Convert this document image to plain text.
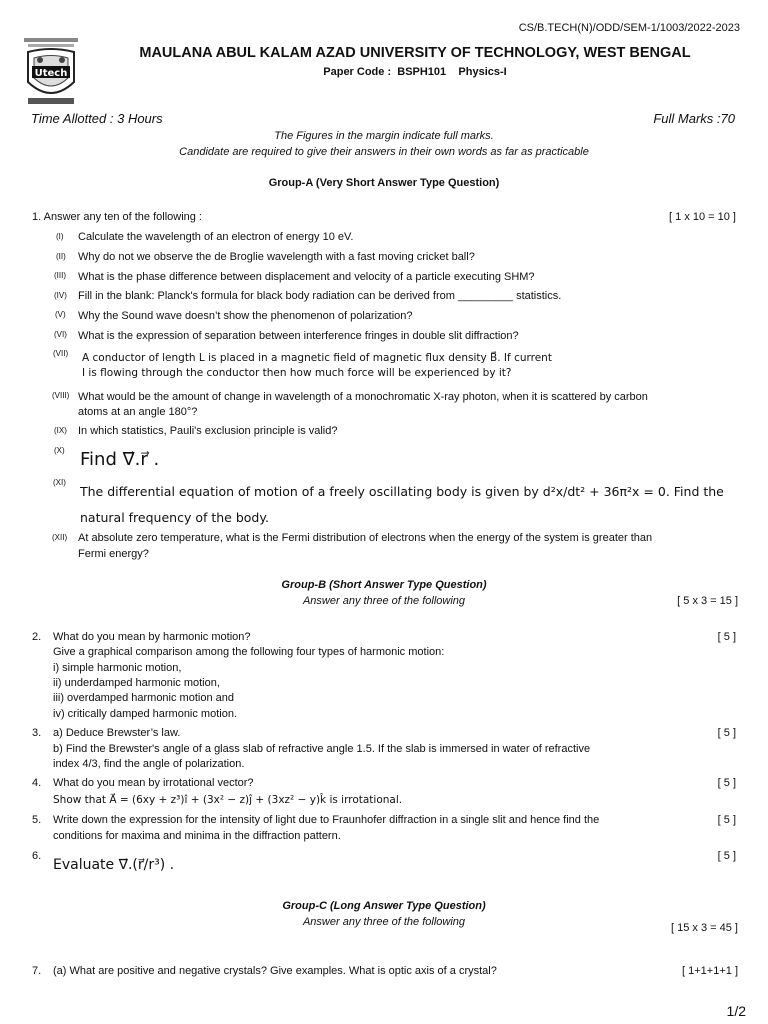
CS/B.TECH(N)/ODD/SEM-1/1003/2022-2023
Utech
MAULANA ABUL KALAM AZAD UNIVERSITY OF TECHNOLOGY, WEST BENGAL
Paper Code : BSPH101 Physics-I
Time Allotted : 3 Hours	Full Marks :70
The Figures in the margin indicate full marks.
Candidate are required to give their answers in their own words as far as practicable
Group-A (Very Short Answer Type Question)
1. Answer any ten of the following :	[ 1 x 10 = 10 ]
(I) Calculate the wavelength of an electron of energy 10 eV.
(II) Why do not we observe the de Broglie wavelength with a fast moving cricket ball?
(III) What is the phase difference between displacement and velocity of a particle executing SHM?
(IV) Fill in the blank: Planck's formula for black body radiation can be derived from _________ statistics.
(V) Why the Sound wave doesn’t show the phenomenon of polarization?
(VI) What is the expression of separation between interference fringes in double slit diffraction?
(VII) A conductor of length L is placed in a magnetic field of magnetic flux density B⃗. If current
I is flowing through the conductor then how much force will be experienced by it?
(VIII) What would be the amount of change in wavelength of a monochromatic X-ray photon, when it is scattered by carbon
atoms at an angle 180°?
(IX) In which statistics, Pauli's exclusion principle is valid?
(X) Find ∇⃗.r⃗ .
(XI)
The differential equation of motion of a freely oscillating body is given by d²x/dt² + 36π²x = 0. Find the
natural frequency of the body.
(XII) At absolute zero temperature, what is the Fermi distribution of electrons when the energy of the system is greater than
Fermi energy?
Group-B (Short Answer Type Question)
Answer any three of the following	[ 5 x 3 = 15 ]
2. What do you mean by harmonic motion?
Give a graphical comparison among the following four types of harmonic motion:
i) simple harmonic motion,
ii) underdamped harmonic motion,
iii) overdamped harmonic motion and
iv) critically damped harmonic motion.
[ 5 ]
3. a) Deduce Brewster’s law.
b) Find the Brewster's angle of a glass slab of refractive angle 1.5. If the slab is immersed in water of refractive
index 4/3, find the angle of polarization.
[ 5 ]
4. What do you mean by irrotational vector?
Show that A⃗ = (6xy + z³)î + (3x² − z)ĵ + (3xz² − y)k̂ is irrotational.
[ 5 ]
5. Write down the expression for the intensity of light due to Fraunhofer diffraction in a single slit and hence find the
conditions for maxima and minima in the diffraction pattern.
[ 5 ]
6.
Evaluate ∇⃗.(r⃗/r³) .
[ 5 ]
Group-C (Long Answer Type Question)
Answer any three of the following	[ 15 x 3 = 45 ]
7. (a) What are positive and negative crystals? Give examples. What is optic axis of a crystal?	[ 1+1+1+1 ]
1/2
